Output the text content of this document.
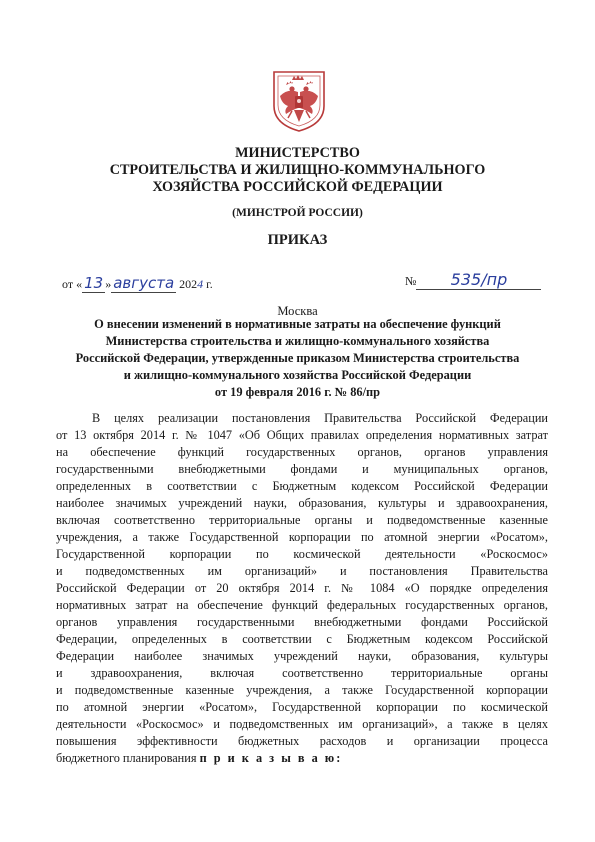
МИНИСТЕРСТВО
СТРОИТЕЛЬСТВА И ЖИЛИЩНО-КОММУНАЛЬНОГО
ХОЗЯЙСТВА РОССИЙСКОЙ ФЕДЕРАЦИИ
(МИНСТРОЙ РОССИИ)
ПРИКАЗ
от « 13 » августа 2024 г.	№ 535/пр
Москва
О внесении изменений в нормативные затраты на обеспечение функций
Министерства строительства и жилищно-коммунального хозяйства
Российской Федерации, утвержденные приказом Министерства строительства
и жилищно-коммунального хозяйства Российской Федерации
от 19 февраля 2016 г. № 86/пр
В целях реализации постановления Правительства Российской Федерации
от 13 октября 2014 г. № 1047 «Об Общих правилах определения нормативных затрат
на обеспечение функций государственных органов, органов управления
государственными внебюджетными фондами и муниципальных органов,
определенных в соответствии с Бюджетным кодексом Российской Федерации
наиболее значимых учреждений науки, образования, культуры и здравоохранения,
включая соответственно территориальные органы и подведомственные казенные
учреждения, а также Государственной корпорации по атомной энергии «Росатом»,
Государственной корпорации по космической деятельности «Роскосмос»
и подведомственных им организаций» и постановления Правительства
Российской Федерации от 20 октября 2014 г. № 1084 «О порядке определения
нормативных затрат на обеспечение функций федеральных государственных органов,
органов управления государственными внебюджетными фондами Российской
Федерации, определенных в соответствии с Бюджетным кодексом Российской
Федерации наиболее значимых учреждений науки, образования, культуры
и здравоохранения, включая соответственно территориальные органы
и подведомственные казенные учреждения, а также Государственной корпорации
по атомной энергии «Росатом», Государственной корпорации по космической
деятельности «Роскосмос» и подведомственных им организаций», а также в целях
повышения эффективности бюджетных расходов и организации процесса
бюджетного планирования п р и к а з ы в а ю:
